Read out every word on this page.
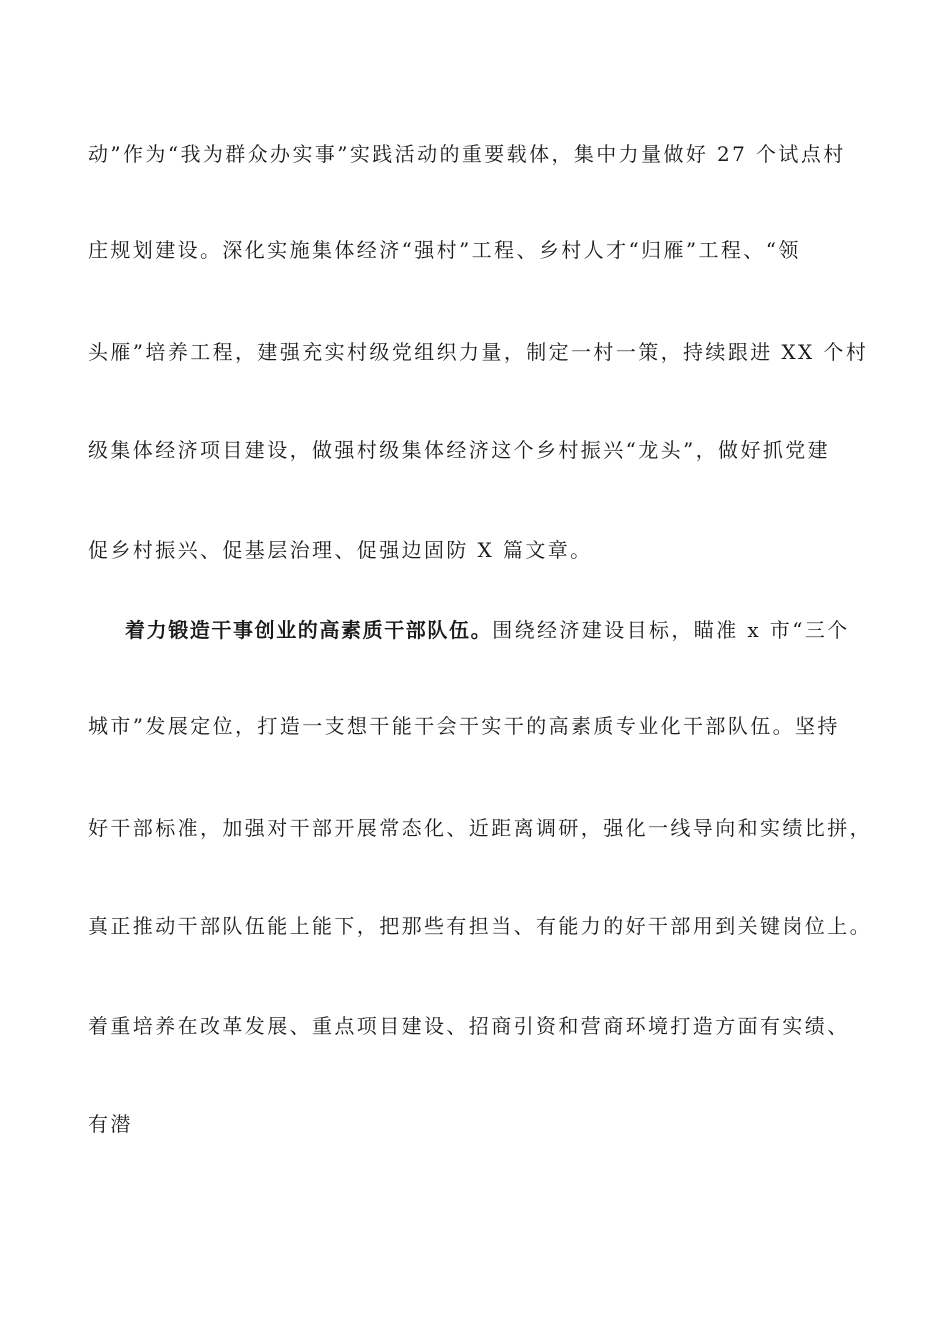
动”作为“我为群众办实事”实践活动的重要载体，集中力量做好 27 个试点村
庄规划建设。深化实施集体经济“强村”工程、乡村人才“归雁”工程、“领
头雁”培养工程，建强充实村级党组织力量，制定一村一策，持续跟进 XX 个村
级集体经济项目建设，做强村级集体经济这个乡村振兴“龙头”，做好抓党建
促乡村振兴、促基层治理、促强边固防 X 篇文章。
着力锻造干事创业的高素质干部队伍。围绕经济建设目标，瞄准 x 市“三个
城市”发展定位，打造一支想干能干会干实干的高素质专业化干部队伍。坚持
好干部标准，加强对干部开展常态化、近距离调研，强化一线导向和实绩比拼，
真正推动干部队伍能上能下，把那些有担当、有能力的好干部用到关键岗位上。
着重培养在改革发展、重点项目建设、招商引资和营商环境打造方面有实绩、
有潜
